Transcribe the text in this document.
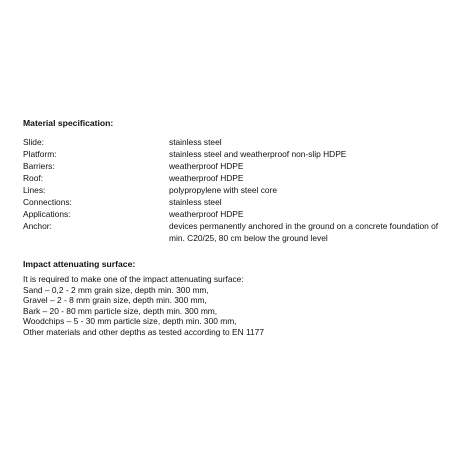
Material specification:
Slide:	stainless steel
Platform:	stainless steel and weatherproof non-slip HDPE
Barriers:	weatherproof HDPE
Roof:	weatherproof HDPE
Lines:	polypropylene with steel core
Connections:	stainless steel
Applications:	weatherproof HDPE
Anchor:	devices permanently anchored in the ground on a concrete foundation of min. C20/25, 80 cm below the ground level
Impact attenuating surface:
It is required to make one of the impact attenuating surface:
Sand – 0,2 - 2 mm grain size, depth min. 300 mm,
Gravel – 2 - 8 mm grain size, depth min. 300 mm,
Bark – 20 - 80 mm particle size, depth min. 300 mm,
Woodchips – 5 - 30 mm particle size, depth min. 300 mm,
Other materials and other depths as tested according to EN 1177
